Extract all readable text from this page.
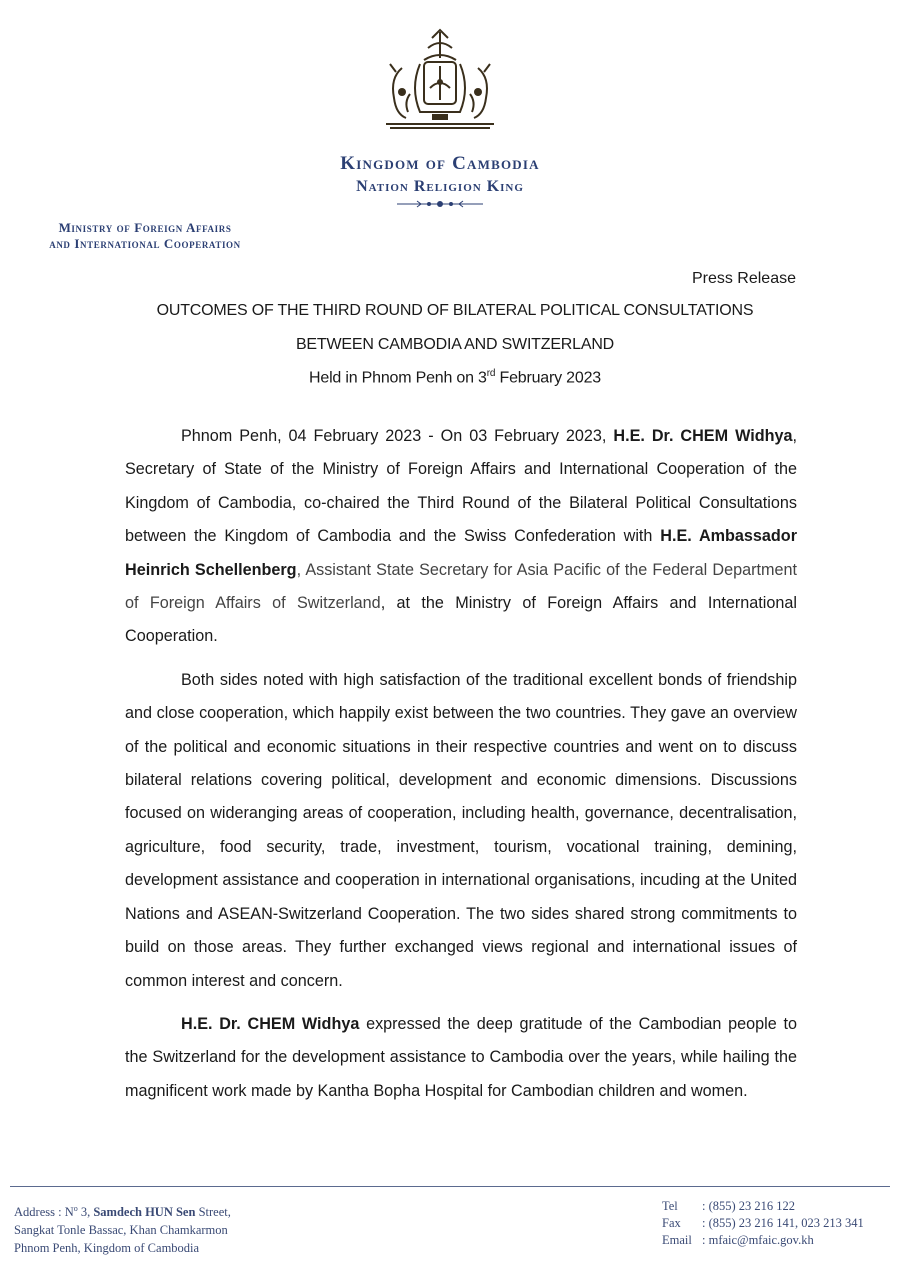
Kingdom of Cambodia
Nation Religion King
Ministry of Foreign Affairs
and International Cooperation
Press Release
OUTCOMES OF THE THIRD ROUND OF BILATERAL POLITICAL CONSULTATIONS
BETWEEN CAMBODIA AND SWITZERLAND
Held in Phnom Penh on 3rd February 2023

Phnom Penh, 04 February 2023 - On 03 February 2023, H.E. Dr. CHEM Widhya, Secretary of State of the Ministry of Foreign Affairs and International Cooperation of the Kingdom of Cambodia, co-chaired the Third Round of the Bilateral Political Consultations between the Kingdom of Cambodia and the Swiss Confederation with H.E. Ambassador Heinrich Schellenberg, Assistant State Secretary for Asia Pacific of the Federal Department of Foreign Affairs of Switzerland, at the Ministry of Foreign Affairs and International Cooperation.

Both sides noted with high satisfaction of the traditional excellent bonds of friendship and close cooperation, which happily exist between the two countries. They gave an overview of the political and economic situations in their respective countries and went on to discuss bilateral relations covering political, development and economic dimensions. Discussions focused on wideranging areas of cooperation, including health, governance, decentralisation, agriculture, food security, trade, investment, tourism, vocational training, demining, development assistance and cooperation in international organisations, incuding at the United Nations and ASEAN-Switzerland Cooperation. The two sides shared strong commitments to build on those areas. They further exchanged views regional and international issues of common interest and concern.

H.E. Dr. CHEM Widhya expressed the deep gratitude of the Cambodian people to the Switzerland for the development assistance to Cambodia over the years, while hailing the magnificent work made by Kantha Bopha Hospital for Cambodian children and women.

Address : $N^o$ 3, Samdech HUN Sen Street,
Sangkat Tonle Bassac, Khan Chamkarmon
Phnom Penh, Kingdom of Cambodia
Tel : (855) 23 216 122
Fax : (855) 23 216 141, 023 213 341
Email : mfaic@mfaic.gov.kh
